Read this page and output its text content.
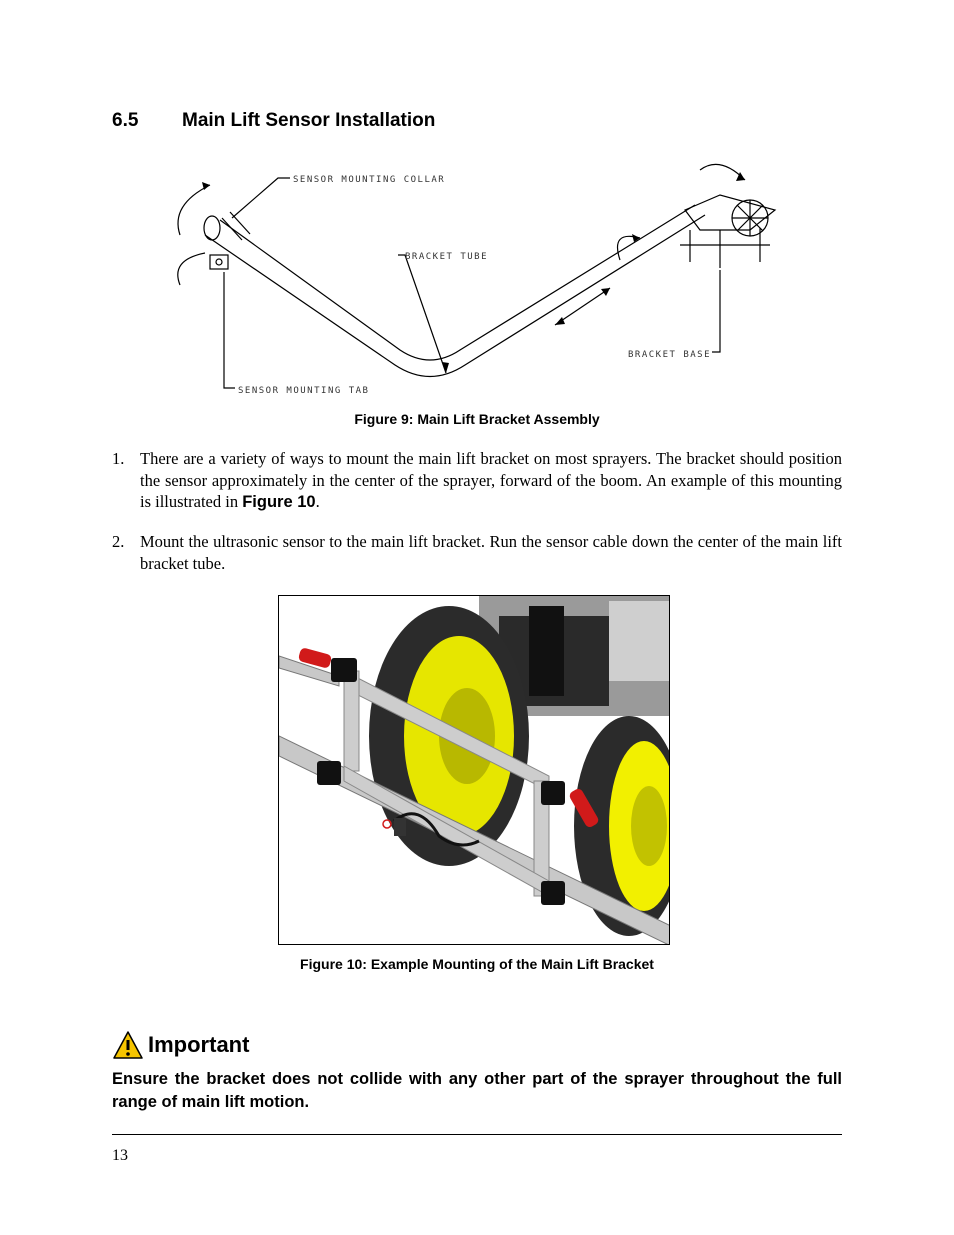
6.5 Main Lift Sensor Installation
SENSOR MOUNTING COLLAR
BRACKET TUBE
BRACKET BASE
SENSOR MOUNTING TAB
Figure 9: Main Lift Bracket Assembly
1. There are a variety of ways to mount the main lift bracket on most sprayers. The bracket should position the sensor approximately in the center of the sprayer, forward of the boom. An example of this mounting is illustrated in Figure 10.
2. Mount the ultrasonic sensor to the main lift bracket. Run the sensor cable down the center of the main lift bracket tube.
Figure 10: Example Mounting of the Main Lift Bracket
Important
Ensure the bracket does not collide with any other part of the sprayer throughout the full range of main lift motion.
13
